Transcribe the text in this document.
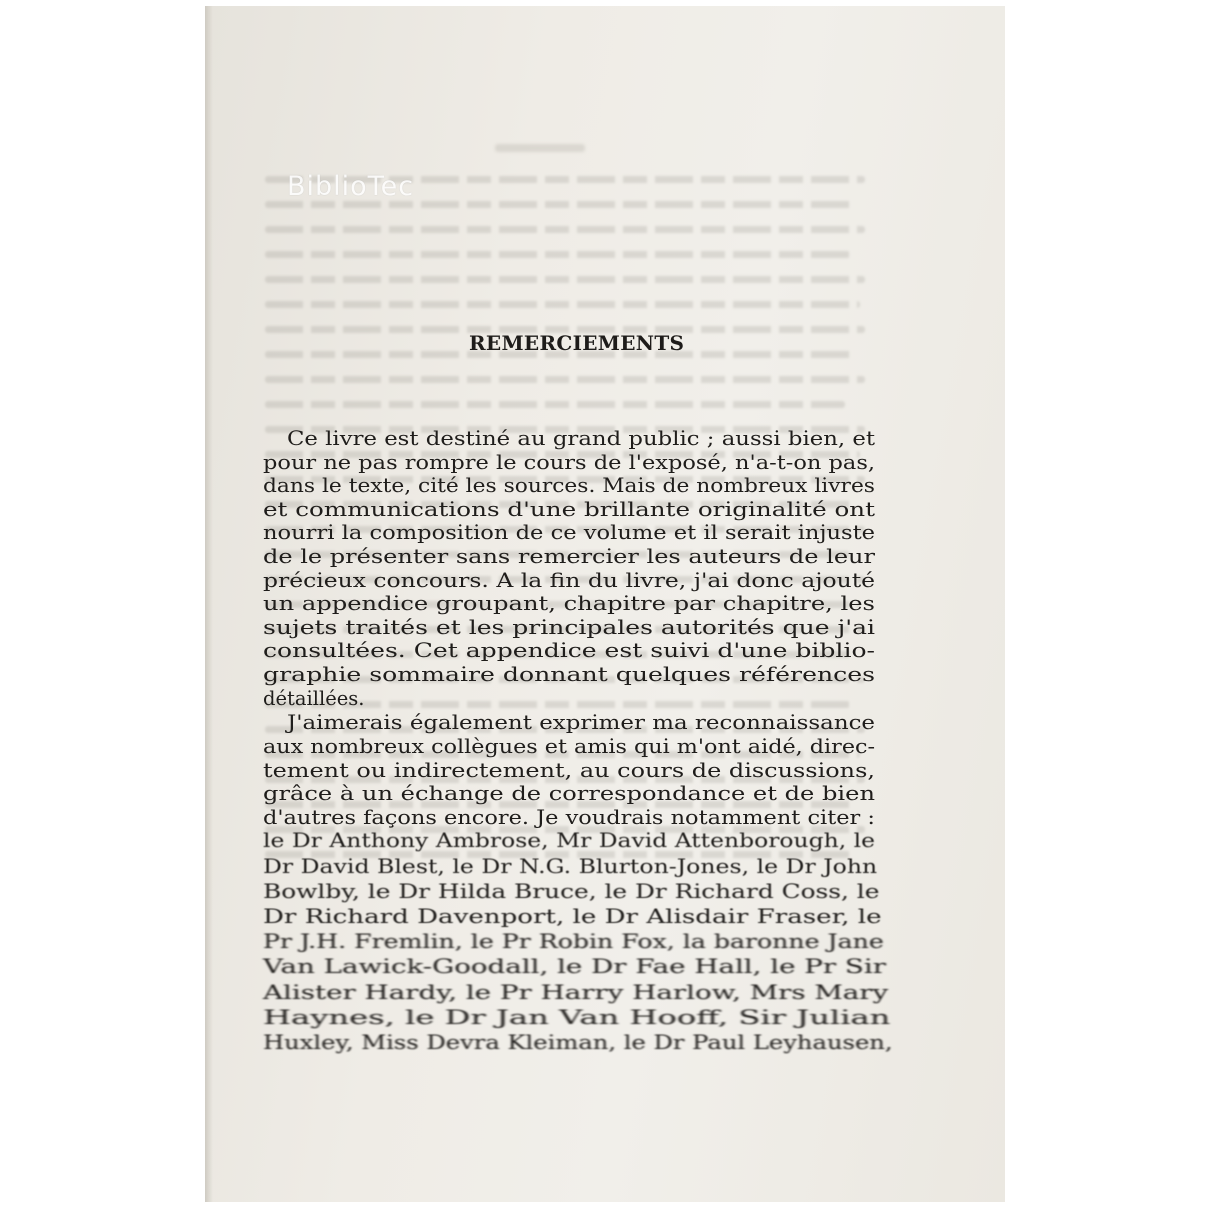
BiblioTec
REMERCIEMENTS
Ce livre est destiné au grand public ; aussi bien, et
pour ne pas rompre le cours de l'exposé, n'a-t-on pas,
dans le texte, cité les sources. Mais de nombreux livres
et communications d'une brillante originalité ont
nourri la composition de ce volume et il serait injuste
de le présenter sans remercier les auteurs de leur
précieux concours. A la fin du livre, j'ai donc ajouté
un appendice groupant, chapitre par chapitre, les
sujets traités et les principales autorités que j'ai
consultées. Cet appendice est suivi d'une biblio-
graphie sommaire donnant quelques références
détaillées.
J'aimerais également exprimer ma reconnaissance
aux nombreux collègues et amis qui m'ont aidé, direc-
tement ou indirectement, au cours de discussions,
grâce à un échange de correspondance et de bien
d'autres façons encore. Je voudrais notamment citer :
le Dr Anthony Ambrose, Mr David Attenborough, le
Dr David Blest, le Dr N.G. Blurton-Jones, le Dr John
Bowlby, le Dr Hilda Bruce, le Dr Richard Coss, le
Dr Richard Davenport, le Dr Alisdair Fraser, le
Pr J.H. Fremlin, le Pr Robin Fox, la baronne Jane
Van Lawick-Goodall, le Dr Fae Hall, le Pr Sir
Alister Hardy, le Pr Harry Harlow, Mrs Mary
Haynes, le Dr Jan Van Hooff, Sir Julian
Huxley, Miss Devra Kleiman, le Dr Paul Leyhausen,
